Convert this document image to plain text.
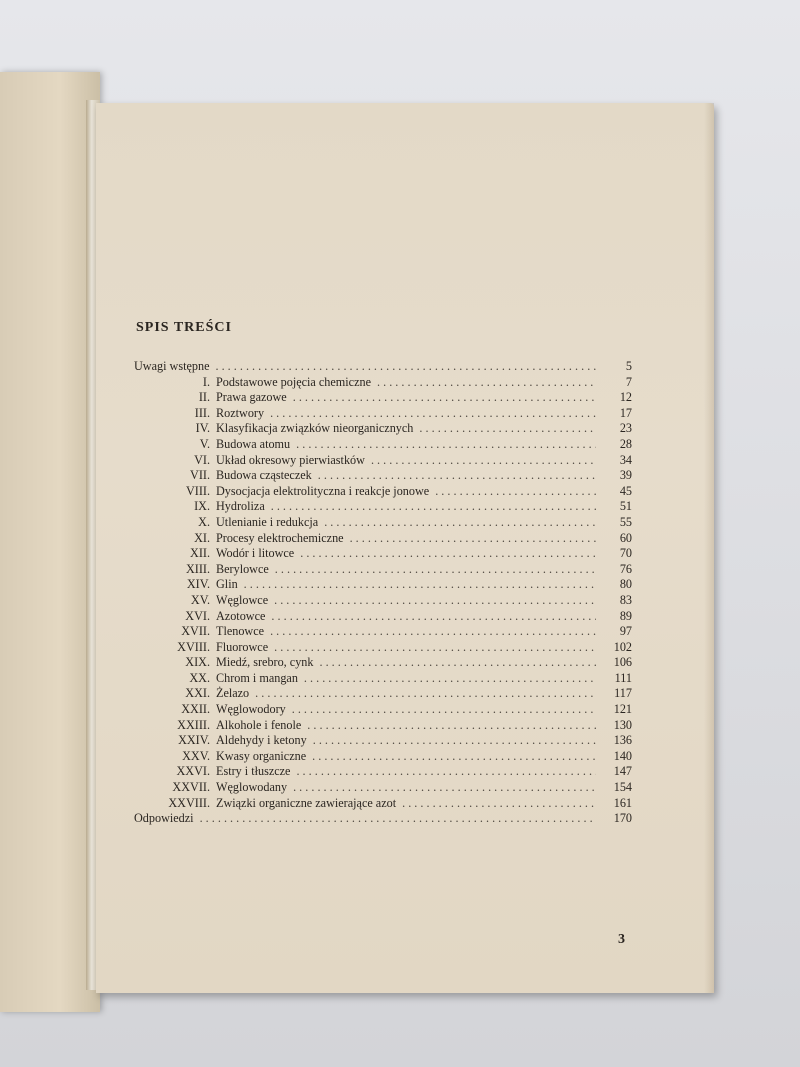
SPIS TREŚCI
Uwagi wstępne . . .	5
I. Podstawowe pojęcia chemiczne . . .	7
II. Prawa gazowe . . .	12
III. Roztwory . . .	17
IV. Klasyfikacja związków nieorganicznych . . .	23
V. Budowa atomu . . .	28
VI. Układ okresowy pierwiastków . . .	34
VII. Budowa cząsteczek . . .	39
VIII. Dysocjacja elektrolityczna i reakcje jonowe . . .	45
IX. Hydroliza . . .	51
X. Utlenianie i redukcja . . .	55
XI. Procesy elektrochemiczne . . .	60
XII. Wodór i litowce . . .	70
XIII. Berylowce . . .	76
XIV. Glin . . .	80
XV. Węglowce . . .	83
XVI. Azotowce . . .	89
XVII. Tlenowce . . .	97
XVIII. Fluorowce . . .	102
XIX. Miedź, srebro, cynk . . .	106
XX. Chrom i mangan . . .	111
XXI. Żelazo . . .	117
XXII. Węglowodory . . .	121
XXIII. Alkohole i fenole . . .	130
XXIV. Aldehydy i ketony . . .	136
XXV. Kwasy organiczne . . .	140
XXVI. Estry i tłuszcze . . .	147
XXVII. Węglowodany . . .	154
XXVIII. Związki organiczne zawierające azot . . .	161
Odpowiedzi . . .	170
3
